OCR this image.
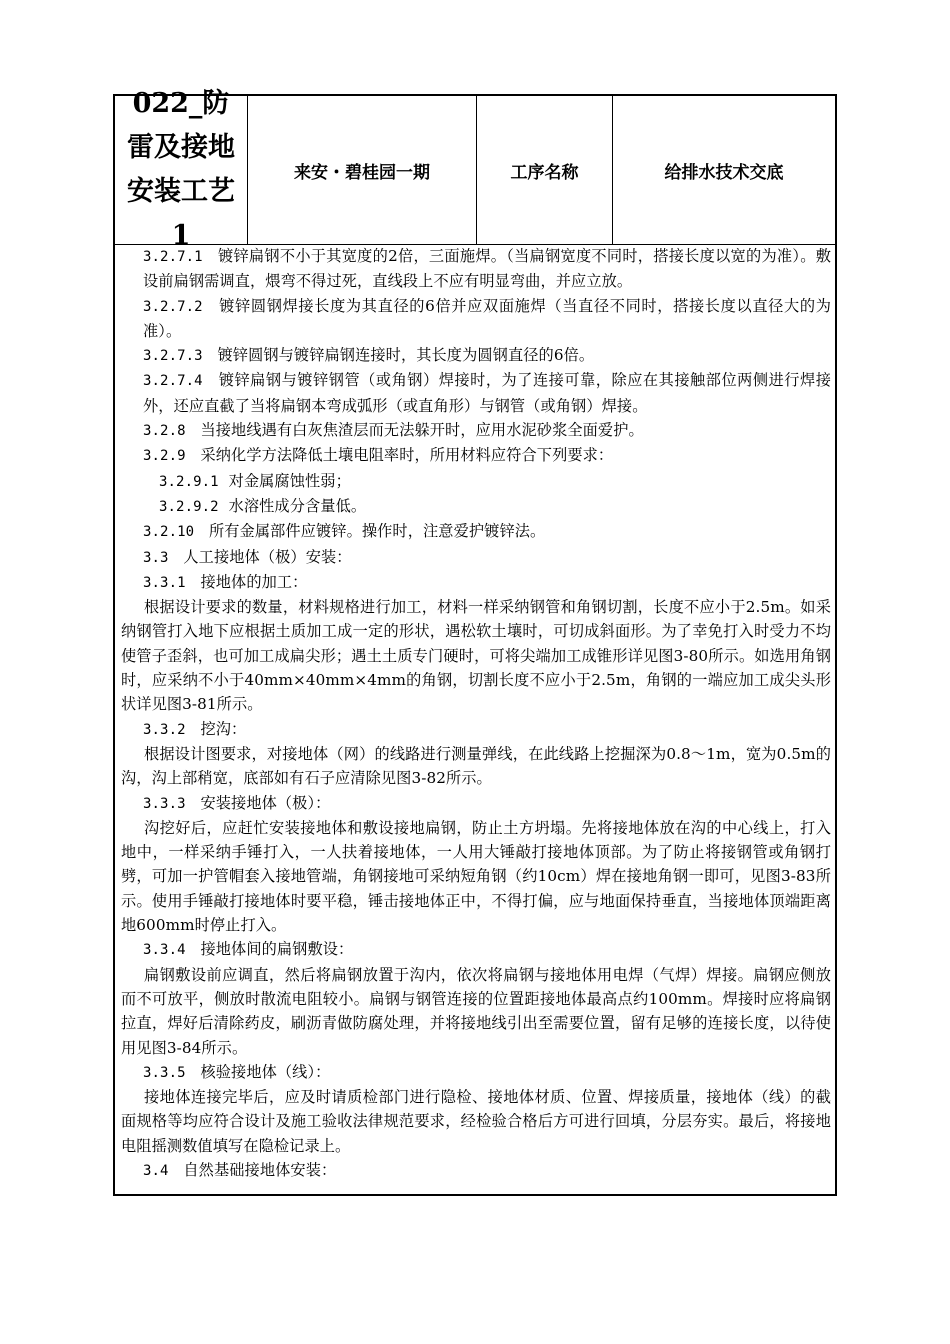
022_防雷及接地安装工艺1
来安・碧桂园一期	工序名称	给排水技术交底

3.2.7.1 镀锌扁钢不小于其宽度的2倍，三面施焊。（当扁钢宽度不同时，搭接长度以宽的为准）。敷设前扁钢需调直，煨弯不得过死，直线段上不应有明显弯曲，并应立放。

3.2.7.2 镀锌圆钢焊接长度为其直径的6倍并应双面施焊（当直径不同时，搭接长度以直径大的为准）。

3.2.7.3 镀锌圆钢与镀锌扁钢连接时，其长度为圆钢直径的6倍。

3.2.7.4 镀锌扁钢与镀锌钢管（或角钢）焊接时，为了连接可靠，除应在其接触部位两侧进行焊接外，还应直截了当将扁钢本弯成弧形（或直角形）与钢管（或角钢）焊接。

3.2.8 当接地线遇有白灰焦渣层而无法躲开时，应用水泥砂浆全面爱护。

3.2.9 采纳化学方法降低土壤电阻率时，所用材料应符合下列要求：

3.2.9.1 对金属腐蚀性弱；

3.2.9.2 水溶性成分含量低。

3.2.10 所有金属部件应镀锌。操作时，注意爱护镀锌法。

3.3 人工接地体（极）安装：

3.3.1 接地体的加工：

根据设计要求的数量，材料规格进行加工，材料一样采纳钢管和角钢切割，长度不应小于2.5m。如采纳钢管打入地下应根据土质加工成一定的形状，遇松软土壤时，可切成斜面形。为了幸免打入时受力不均使管子歪斜，也可加工成扁尖形；遇土土质专门硬时，可将尖端加工成锥形详见图3-80所示。如选用角钢时，应采纳不小于40mm×40mm×4mm的角钢，切割长度不应小于2.5m，角钢的一端应加工成尖头形状详见图3-81所示。

3.3.2 挖沟：

根据设计图要求，对接地体（网）的线路进行测量弹线，在此线路上挖掘深为0.8～1m，宽为0.5m的沟，沟上部稍宽，底部如有石子应清除见图3-82所示。

3.3.3 安装接地体（极）：

沟挖好后，应赶忙安装接地体和敷设接地扁钢，防止土方坍塌。先将接地体放在沟的中心线上，打入地中，一样采纳手锤打入，一人扶着接地体，一人用大锤敲打接地体顶部。为了防止将接钢管或角钢打劈，可加一护管帽套入接地管端，角钢接地可采纳短角钢（约10cm）焊在接地角钢一即可，见图3-83所示。使用手锤敲打接地体时要平稳，锤击接地体正中，不得打偏，应与地面保持垂直，当接地体顶端距离地600mm时停止打入。

3.3.4 接地体间的扁钢敷设：

扁钢敷设前应调直，然后将扁钢放置于沟内，依次将扁钢与接地体用电焊（气焊）焊接。扁钢应侧放而不可放平，侧放时散流电阻较小。扁钢与钢管连接的位置距接地体最高点约100mm。焊接时应将扁钢拉直，焊好后清除药皮，刷沥青做防腐处理，并将接地线引出至需要位置，留有足够的连接长度，以待使用见图3-84所示。

3.3.5 核验接地体（线）：

接地体连接完毕后，应及时请质检部门进行隐检、接地体材质、位置、焊接质量，接地体（线）的截面规格等均应符合设计及施工验收法律规范要求，经检验合格后方可进行回填，分层夯实。最后，将接地电阻摇测数值填写在隐检记录上。

3.4 自然基础接地体安装：
